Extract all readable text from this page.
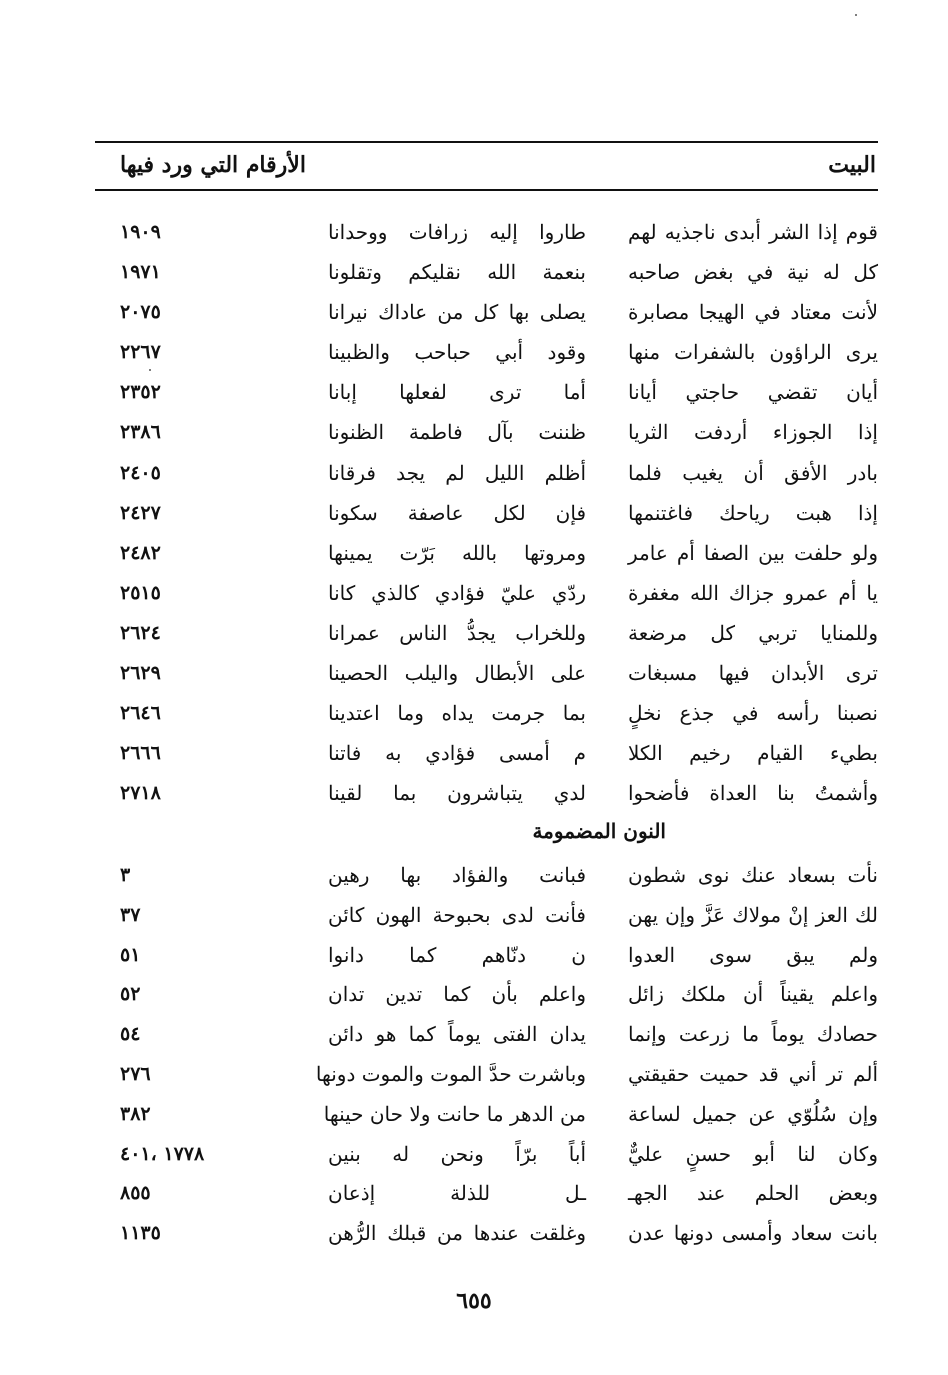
البيت
الأرقام التي ورد فيها
قوم إذا الشر أبدى ناجذيه لهم
طاروا إليه زرافات ووحدانا
١٩٠٩
كل له نية في بغض صاحبه
بنعمة الله نقليكم وتقلونا
١٩٧١
لأنت معتاد في الهيجا مصابرة
يصلى بها كل من عاداك نيرانا
٢٠٧٥
يرى الراؤون بالشفرات منها
وقود أبي حباحب والظبينا
٢٢٦٧
أيان تقضي حاجتي أيانا
أما ترى لفعلها إبانا
٢٣٥٢
إذا الجوزاء أردفت الثريا
ظننت بآل فاطمة الظنونا
٢٣٨٦
بادر الأفق أن يغيب فلما
أظلم الليل لم يجد فرقانا
٢٤٠٥
إذا هبت رياحك فاغتنمها
فإن لكل عاصفة سكونا
٢٤٢٧
ولو حلفت بين الصفا أم عامر
ومروتها بالله بَرّت يمينها
٢٤٨٢
يا أم عمرو جزاك الله مغفرة
ردّي عليّ فؤادي كالذي كانا
٢٥١٥
وللمنايا تربي كل مرضعة
وللخراب يجدُّ الناس عمرانا
٢٦٢٤
ترى الأبدان فيها مسبغات
على الأبطال واليلب الحصينا
٢٦٢٩
نصبنا رأسه في جذع نخلٍ
بما جرمت يداه وما اعتدينا
٢٦٤٦
بطيء القيام رخيم الكلا
م أمسى فؤادي به فاتنا
٢٦٦٦
وأشمتُ بنا العداة فأضحوا
لدي يتباشرون بما لقينا
٢٧١٨
النون المضمومة
نأت بسعاد عنك نوى شطون
فبانت والفؤاد بها رهين
٣
لك العز إنْ مولاك عَزَّ وإن يهن
فأنت لدى بحبوحة الهون كائن
٣٧
ولم يبق سوى العدوا
ن دنّاهم كما دانوا
٥١
واعلم يقيناً أن ملكك زائل
واعلم بأن كما تدين تدان
٥٢
حصادك يوماً ما زرعت وإنما
يدان الفتى يوماً كما هو دائن
٥٤
ألم تر أني قد حميت حقيقتي
وباشرت حدَّ الموت والموت دونها
٢٧٦
وإن سُلُوّي عن جميل لساعة
من الدهر ما حانت ولا حان حينها
٣٨٢
وكان لنا أبو حسنٍ عليٌّ
أباً برّاً ونحن له بنين
١٧٧٨ ،٤٠١
وبعض الحلم عند الجهـ
ـل للذلة إذعان
٨٥٥
بانت سعاد وأمسى دونها عدن
وغلقت عندها من قبلك الرُّهن
١١٣٥
٦٥٥
